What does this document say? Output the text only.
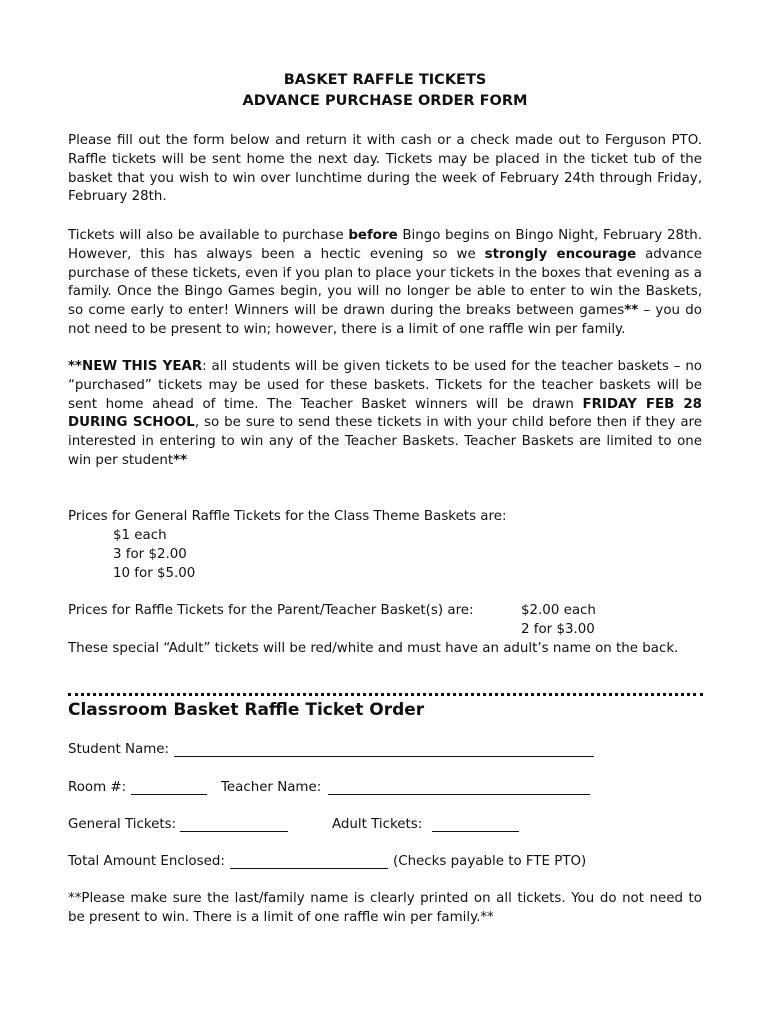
BASKET RAFFLE TICKETS
ADVANCE PURCHASE ORDER FORM
Please fill out the form below and return it with cash or a check made out to Ferguson PTO. Raffle tickets will be sent home the next day. Tickets may be placed in the ticket tub of the basket that you wish to win over lunchtime during the week of February 24th through Friday, February 28th.
Tickets will also be available to purchase before Bingo begins on Bingo Night, February 28th. However, this has always been a hectic evening so we strongly encourage advance purchase of these tickets, even if you plan to place your tickets in the boxes that evening as a family. Once the Bingo Games begin, you will no longer be able to enter to win the Baskets, so come early to enter! Winners will be drawn during the breaks between games** – you do not need to be present to win; however, there is a limit of one raffle win per family.
**NEW THIS YEAR: all students will be given tickets to be used for the teacher baskets – no “purchased” tickets may be used for these baskets. Tickets for the teacher baskets will be sent home ahead of time. The Teacher Basket winners will be drawn FRIDAY FEB 28 DURING SCHOOL, so be sure to send these tickets in with your child before then if they are interested in entering to win any of the Teacher Baskets. Teacher Baskets are limited to one win per student**
Prices for General Raffle Tickets for the Class Theme Baskets are:
$1 each
3 for $2.00
10 for $5.00
Prices for Raffle Tickets for the Parent/Teacher Basket(s) are:	$2.00 each
2 for $3.00
These special “Adult” tickets will be red/white and must have an adult’s name on the back.
Classroom Basket Raffle Ticket Order
Student Name:
Room #:	Teacher Name:
General Tickets:	Adult Tickets:
Total Amount Enclosed:	(Checks payable to FTE PTO)
**Please make sure the last/family name is clearly printed on all tickets. You do not need to be present to win. There is a limit of one raffle win per family.**
